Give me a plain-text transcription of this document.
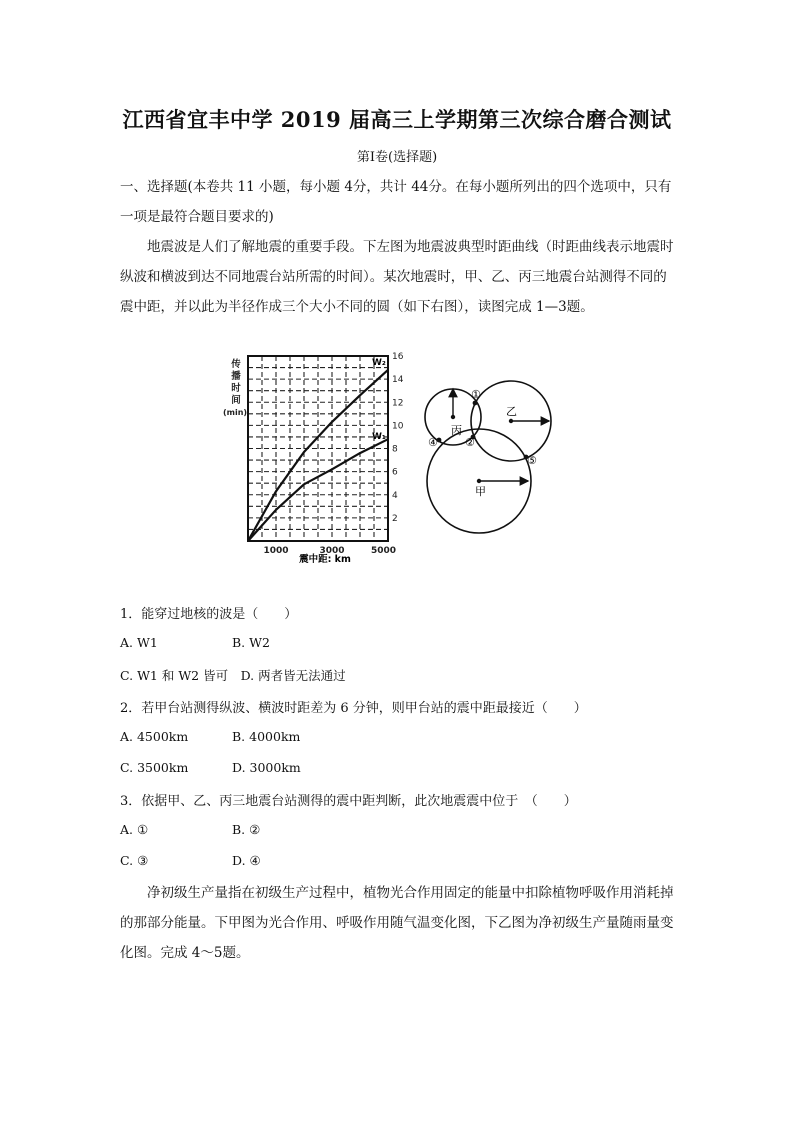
江西省宜丰中学 2019 届高三上学期第三次综合磨合测试
第Ⅰ卷(选择题)
一、选择题(本卷共 11 小题，每小题 4分，共计 44分。在每小题所列出的四个选项中，只有一项是最符合题目要求的)
地震波是人们了解地震的重要手段。下左图为地震波典型时距曲线（时距曲线表示地震时纵波和横波到达不同地震台站所需的时间）。某次地震时，甲、乙、丙三地震台站测得不同的震中距，并以此为半径作成三个大小不同的圆（如下右图），读图完成 1—3题。
传
播
时
间
(min)
2
4
6
8
10
12
14
16
1000	3000	5000
W₂
W₁
震中距: km
丙
乙
甲
①
②
④
⑤
1．能穿过地核的波是（　　）
A. W1	B. W2
C. W1 和 W2 皆可　 D. 两者皆无法通过
2．若甲台站测得纵波、横波时距差为 6 分钟，则甲台站的震中距最接近（　　）
A. 4500km	B. 4000km
C. 3500km	D. 3000km
3．依据甲、乙、丙三地震台站测得的震中距判断，此次地震震中位于　（　　）
A. ①	B. ②
C. ③	D. ④
净初级生产量指在初级生产过程中，植物光合作用固定的能量中扣除植物呼吸作用消耗掉的那部分能量。下甲图为光合作用、呼吸作用随气温变化图，下乙图为净初级生产量随雨量变化图。完成 4～5题。
